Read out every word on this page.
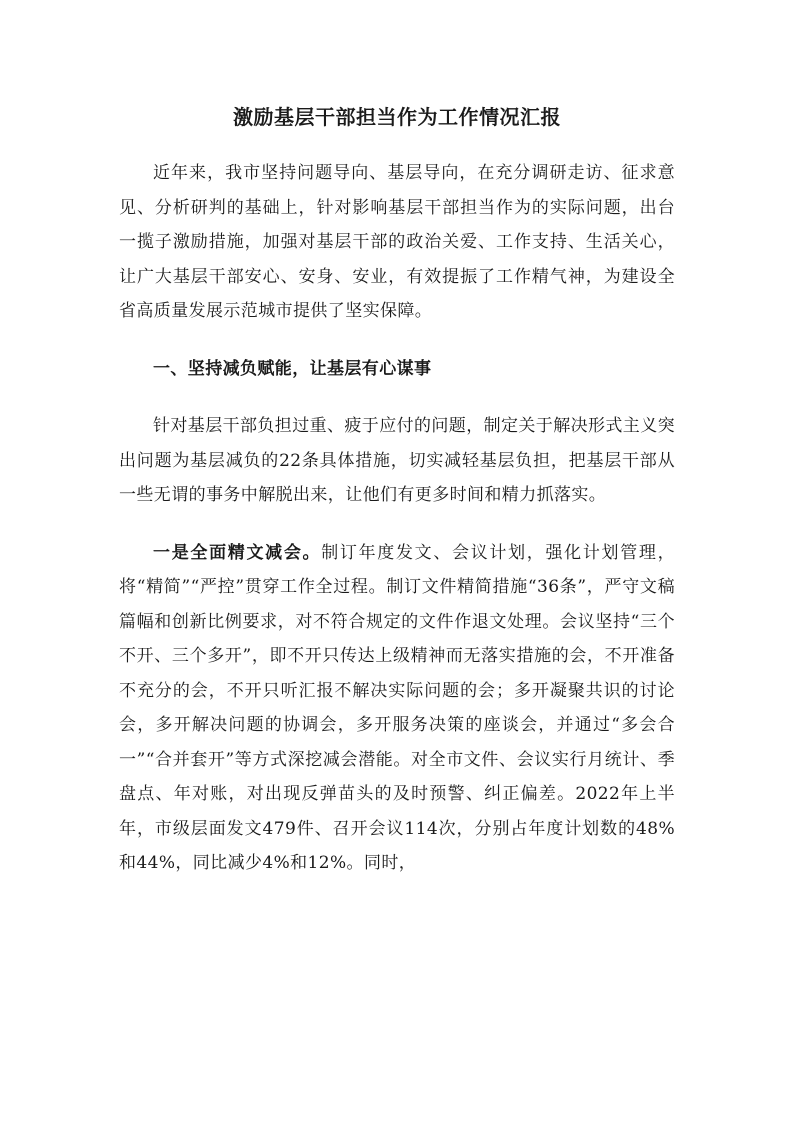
激励基层干部担当作为工作情况汇报

近年来，我市坚持问题导向、基层导向，在充分调研走访、征求意见、分析研判的基础上，针对影响基层干部担当作为的实际问题，出台一揽子激励措施，加强对基层干部的政治关爱、工作支持、生活关心，让广大基层干部安心、安身、安业，有效提振了工作精气神，为建设全省高质量发展示范城市提供了坚实保障。

一、坚持减负赋能，让基层有心谋事

针对基层干部负担过重、疲于应付的问题，制定关于解决形式主义突出问题为基层减负的22条具体措施，切实减轻基层负担，把基层干部从一些无谓的事务中解脱出来，让他们有更多时间和精力抓落实。

一是全面精文减会。制订年度发文、会议计划，强化计划管理，将“精简”“严控”贯穿工作全过程。制订文件精简措施“36条”，严守文稿篇幅和创新比例要求，对不符合规定的文件作退文处理。会议坚持“三个不开、三个多开”，即不开只传达上级精神而无落实措施的会，不开准备不充分的会，不开只听汇报不解决实际问题的会；多开凝聚共识的讨论会，多开解决问题的协调会，多开服务决策的座谈会，并通过“多会合一”“合并套开”等方式深挖减会潜能。对全市文件、会议实行月统计、季盘点、年对账，对出现反弹苗头的及时预警、纠正偏差。2022年上半年，市级层面发文479件、召开会议114次，分别占年度计划数的48%和44%，同比减少4%和12%。同时，
